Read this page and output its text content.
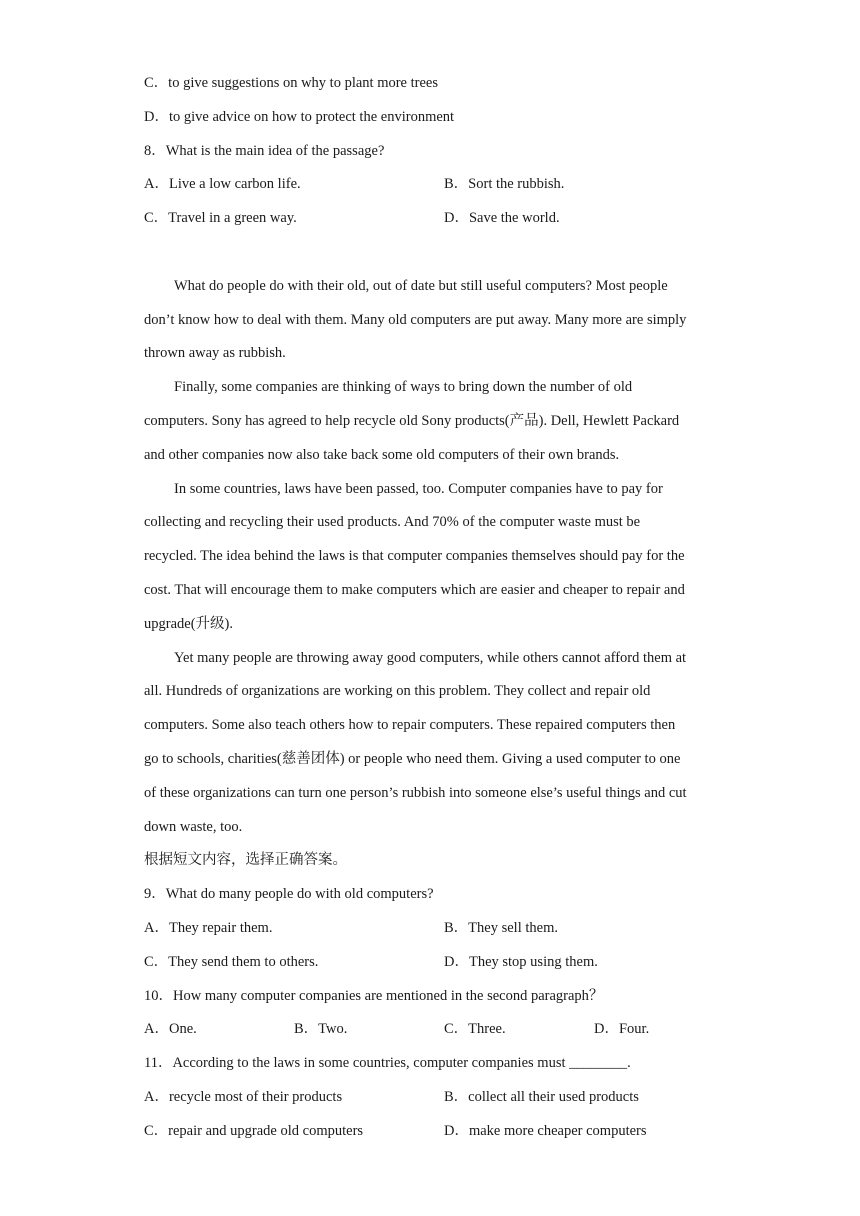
C．to give suggestions on why to plant more trees
D．to give advice on how to protect the environment
8．What is the main idea of the passage?
A．Live a low carbon life.	B．Sort the rubbish.
C．Travel in a green way.	D．Save the world.
What do people do with their old, out of date but still useful computers? Most people
don’t know how to deal with them. Many old computers are put away. Many more are simply
thrown away as rubbish.
Finally, some companies are thinking of ways to bring down the number of old
computers. Sony has agreed to help recycle old Sony products(产品). Dell, Hewlett Packard
and other companies now also take back some old computers of their own brands.
In some countries, laws have been passed, too. Computer companies have to pay for
collecting and recycling their used products. And 70% of the computer waste must be
recycled. The idea behind the laws is that computer companies themselves should pay for the
cost. That will encourage them to make computers which are easier and cheaper to repair and
upgrade(升级).
Yet many people are throwing away good computers, while others cannot afford them at
all. Hundreds of organizations are working on this problem. They collect and repair old
computers. Some also teach others how to repair computers. These repaired computers then
go to schools, charities(慈善团体) or people who need them. Giving a used computer to one
of these organizations can turn one person’s rubbish into someone else’s useful things and cut
down waste, too.
根据短文内容，选择正确答案。
9．What do many people do with old computers?
A．They repair them.	B．They sell them.
C．They send them to others.	D．They stop using them.
10．How many computer companies are mentioned in the second paragraph？
A．One.	B．Two.	C．Three.	D．Four.
11．According to the laws in some countries, computer companies must ________.
A．recycle most of their products	B．collect all their used products
C．repair and upgrade old computers	D．make more cheaper computers
